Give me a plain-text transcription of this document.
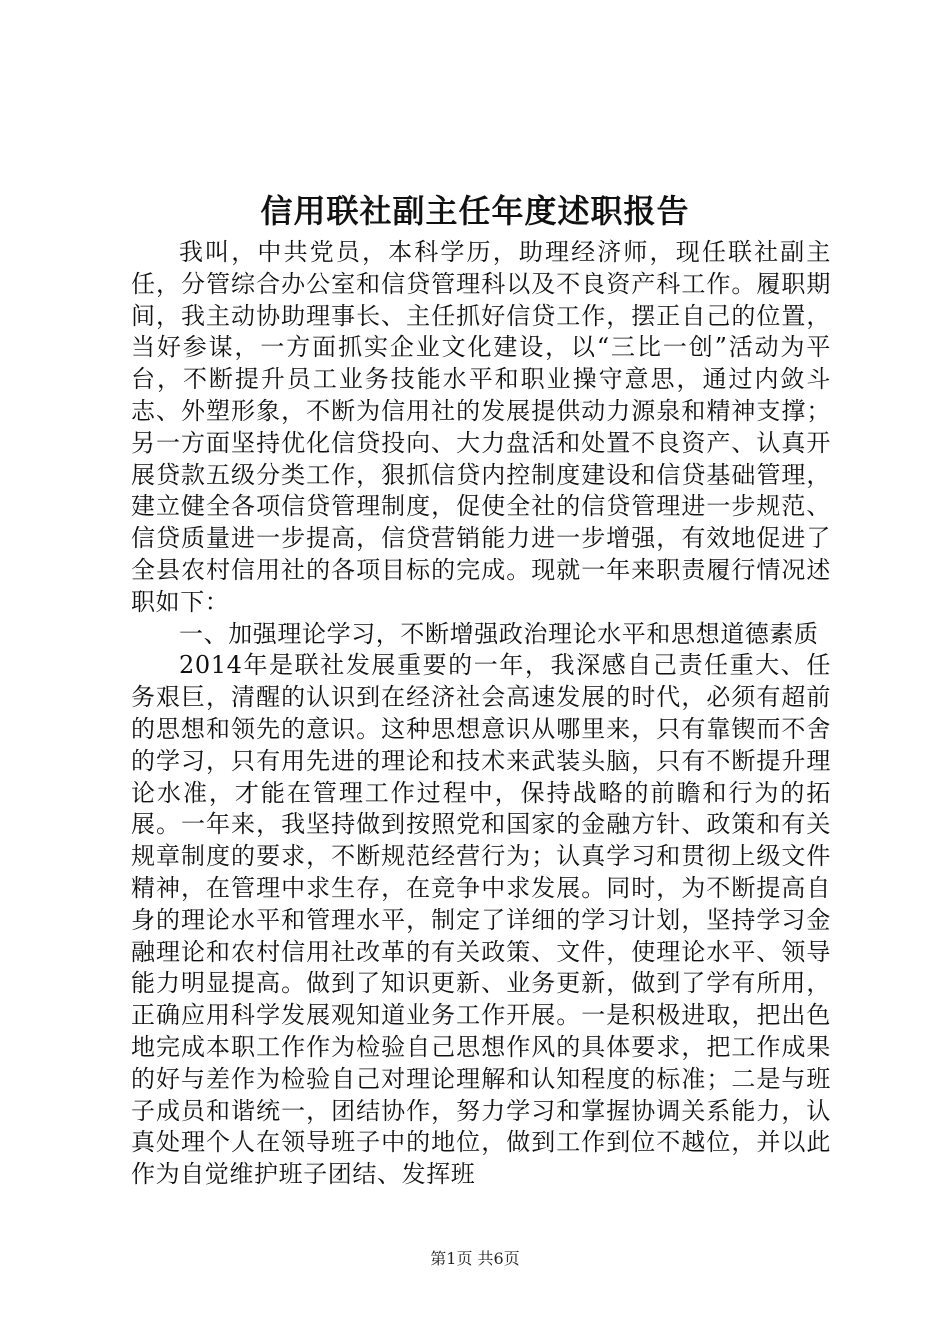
信用联社副主任年度述职报告

我叫，中共党员，本科学历，助理经济师，现任联社副主任，分管综合办公室和信贷管理科以及不良资产科工作。履职期间，我主动协助理事长、主任抓好信贷工作，摆正自己的位置，当好参谋，一方面抓实企业文化建设，以“三比一创”活动为平台，不断提升员工业务技能水平和职业操守意思，通过内敛斗志、外塑形象，不断为信用社的发展提供动力源泉和精神支撑；另一方面坚持优化信贷投向、大力盘活和处置不良资产、认真开展贷款五级分类工作，狠抓信贷内控制度建设和信贷基础管理，建立健全各项信贷管理制度，促使全社的信贷管理进一步规范、信贷质量进一步提高，信贷营销能力进一步增强，有效地促进了全县农村信用社的各项目标的完成。现就一年来职责履行情况述职如下：

一、加强理论学习，不断增强政治理论水平和思想道德素质

2014年是联社发展重要的一年，我深感自己责任重大、任务艰巨，清醒的认识到在经济社会高速发展的时代，必须有超前的思想和领先的意识。这种思想意识从哪里来，只有靠锲而不舍的学习，只有用先进的理论和技术来武装头脑，只有不断提升理论水准，才能在管理工作过程中，保持战略的前瞻和行为的拓展。一年来，我坚持做到按照党和国家的金融方针、政策和有关规章制度的要求，不断规范经营行为；认真学习和贯彻上级文件精神，在管理中求生存，在竞争中求发展。同时，为不断提高自身的理论水平和管理水平，制定了详细的学习计划，坚持学习金融理论和农村信用社改革的有关政策、文件，使理论水平、领导能力明显提高。做到了知识更新、业务更新，做到了学有所用，正确应用科学发展观知道业务工作开展。一是积极进取，把出色地完成本职工作作为检验自己思想作风的具体要求，把工作成果的好与差作为检验自己对理论理解和认知程度的标准；二是与班子成员和谐统一，团结协作，努力学习和掌握协调关系能力，认真处理个人在领导班子中的地位，做到工作到位不越位，并以此作为自觉维护班子团结、发挥班

第1页 共6页
